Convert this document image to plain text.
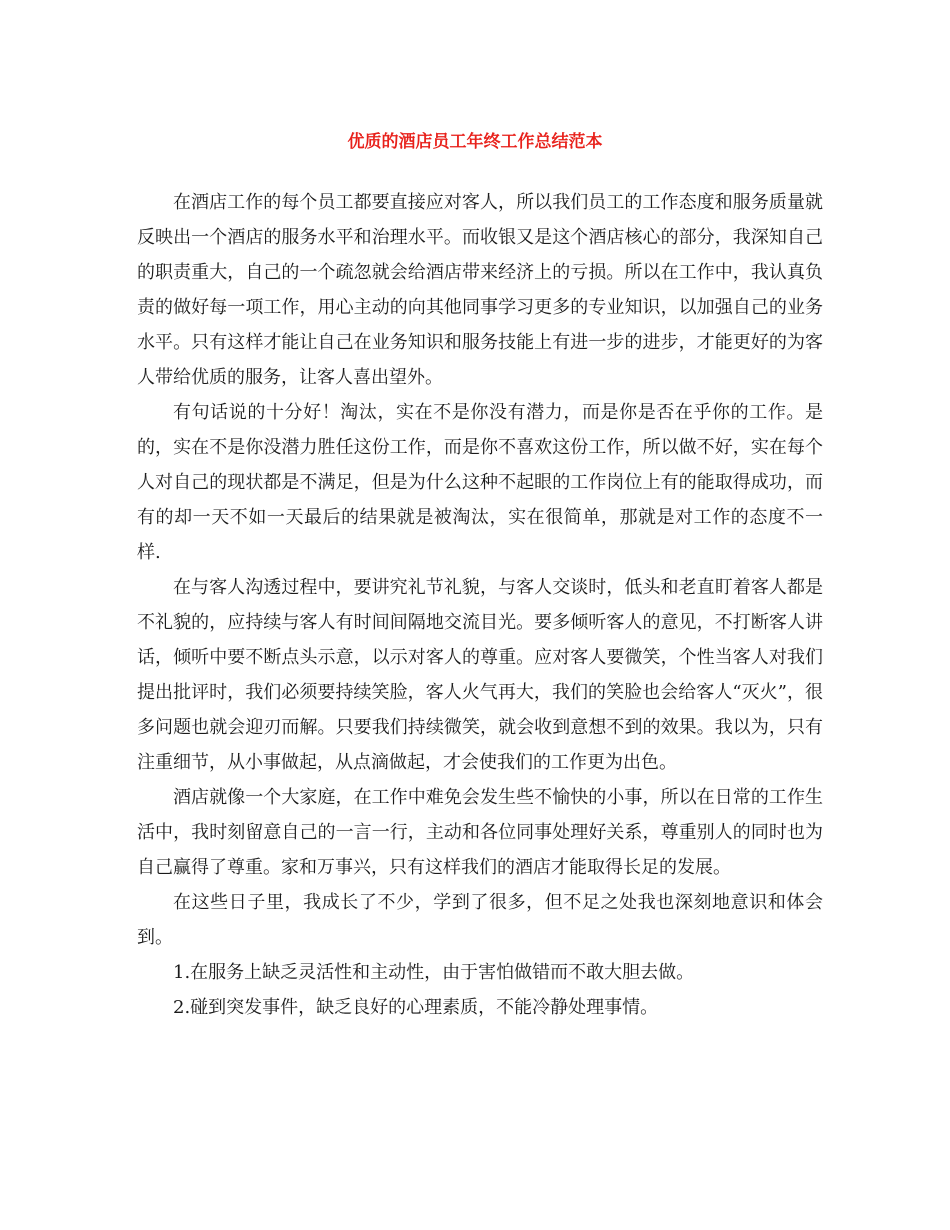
优质的酒店员工年终工作总结范本

在酒店工作的每个员工都要直接应对客人，所以我们员工的工作态度和服务质量就反映出一个酒店的服务水平和治理水平。而收银又是这个酒店核心的部分，我深知自己的职责重大，自己的一个疏忽就会给酒店带来经济上的亏损。所以在工作中，我认真负责的做好每一项工作，用心主动的向其他同事学习更多的专业知识，以加强自己的业务水平。只有这样才能让自己在业务知识和服务技能上有进一步的进步，才能更好的为客人带给优质的服务，让客人喜出望外。

有句话说的十分好！淘汰，实在不是你没有潜力，而是你是否在乎你的工作。是的，实在不是你没潜力胜任这份工作，而是你不喜欢这份工作，所以做不好，实在每个人对自己的现状都是不满足，但是为什么这种不起眼的工作岗位上有的能取得成功，而有的却一天不如一天最后的结果就是被淘汰，实在很简单，那就是对工作的态度不一样.

在与客人沟透过程中，要讲究礼节礼貌，与客人交谈时，低头和老直盯着客人都是不礼貌的，应持续与客人有时间间隔地交流目光。要多倾听客人的意见，不打断客人讲话，倾听中要不断点头示意，以示对客人的尊重。应对客人要微笑，个性当客人对我们提出批评时，我们必须要持续笑脸，客人火气再大，我们的笑脸也会给客人“灭火”，很多问题也就会迎刃而解。只要我们持续微笑，就会收到意想不到的效果。我以为，只有注重细节，从小事做起，从点滴做起，才会使我们的工作更为出色。

酒店就像一个大家庭，在工作中难免会发生些不愉快的小事，所以在日常的工作生活中，我时刻留意自己的一言一行，主动和各位同事处理好关系，尊重别人的同时也为自己赢得了尊重。家和万事兴，只有这样我们的酒店才能取得长足的发展。

在这些日子里，我成长了不少，学到了很多，但不足之处我也深刻地意识和体会到。

1.在服务上缺乏灵活性和主动性，由于害怕做错而不敢大胆去做。

2.碰到突发事件，缺乏良好的心理素质，不能冷静处理事情。
